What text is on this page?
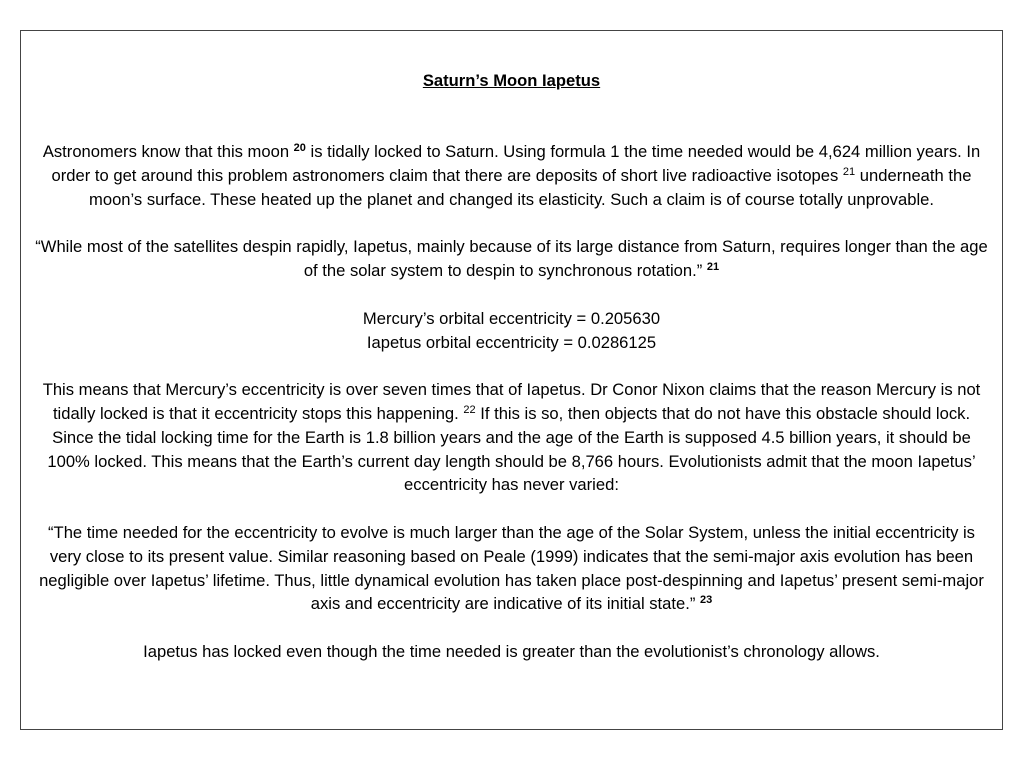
Saturn’s Moon Iapetus

Astronomers know that this moon $^{20}$ is tidally locked to Saturn. Using formula 1 the time needed would be 4,624 million years. In order to get around this problem astronomers claim that there are deposits of short live radioactive isotopes $^{21}$ underneath the moon’s surface. These heated up the planet and changed its elasticity. Such a claim is of course totally unprovable.

“While most of the satellites despin rapidly, Iapetus, mainly because of its large distance from Saturn, requires longer than the age of the solar system to despin to synchronous rotation.” $^{21}$

Mercury’s orbital eccentricity = 0.205630

Iapetus orbital eccentricity = 0.0286125

This means that Mercury’s eccentricity is over seven times that of Iapetus. Dr Conor Nixon claims that the reason Mercury is not tidally locked is that it eccentricity stops this happening. $^{22}$ If this is so, then objects that do not have this obstacle should lock. Since the tidal locking time for the Earth is 1.8 billion years and the age of the Earth is supposed 4.5 billion years, it should be 100% locked. This means that the Earth’s current day length should be 8,766 hours. Evolutionists admit that the moon Iapetus’ eccentricity has never varied:

“The time needed for the eccentricity to evolve is much larger than the age of the Solar System, unless the initial eccentricity is very close to its present value. Similar reasoning based on Peale (1999) indicates that the semi-major axis evolution has been negligible over Iapetus’ lifetime. Thus, little dynamical evolution has taken place post-despinning and Iapetus’ present semi-major axis and eccentricity are indicative of its initial state.” $^{23}$

Iapetus has locked even though the time needed is greater than the evolutionist’s chronology allows.
